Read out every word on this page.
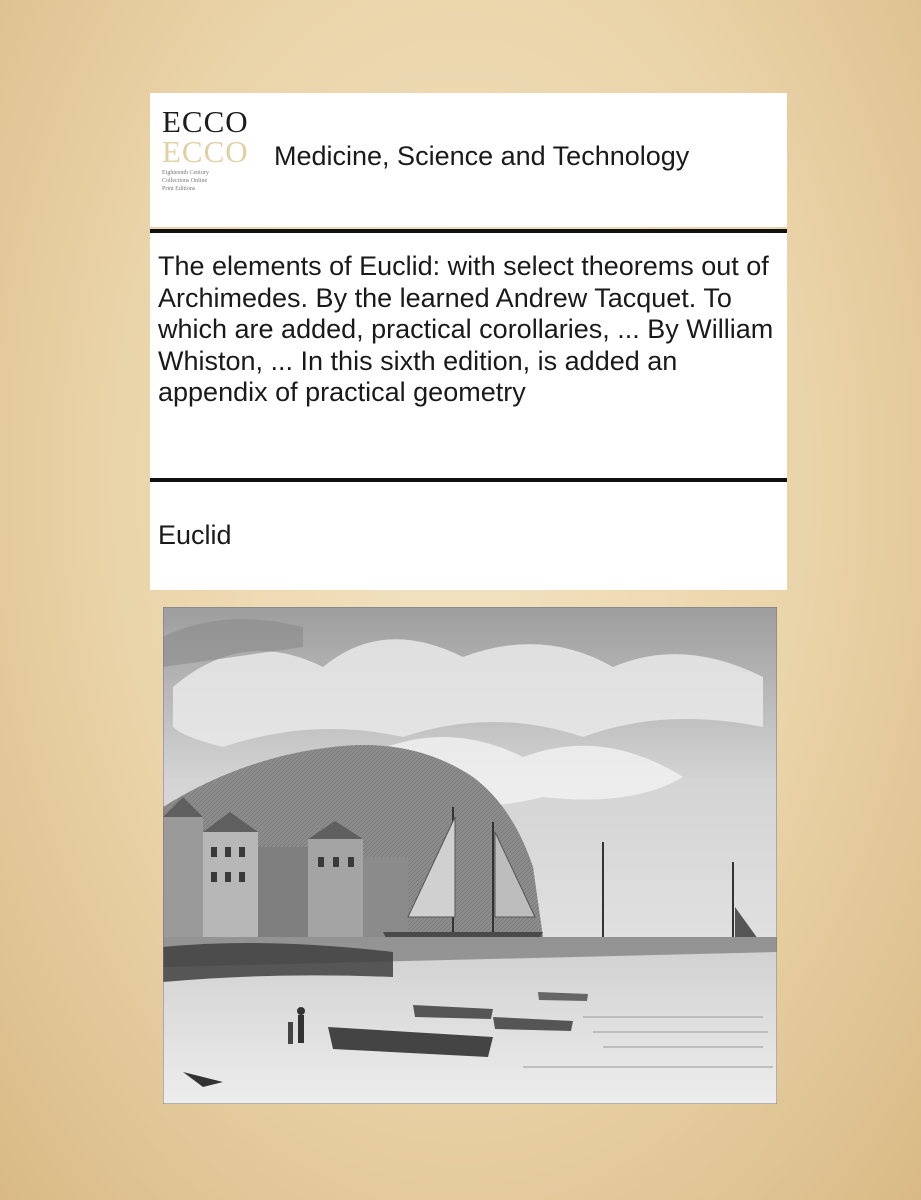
ECCO
ECCO
Eighteenth Century
Collections Online
Print Editions
Medicine, Science and Technology
The elements of Euclid: with select theorems out of Archimedes. By the learned Andrew Tacquet. To which are added, practical corollaries, ... By William Whiston, ... In this sixth edition, is added an appendix of practical geometry
Euclid
